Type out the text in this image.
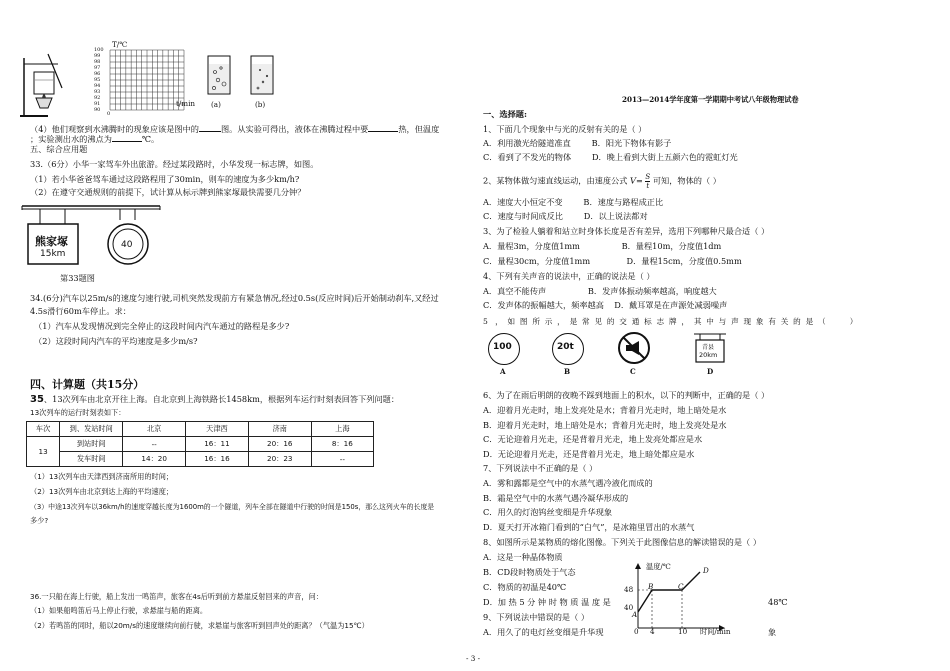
T/℃
t/min
100
99
98
97
96
95
94
93
92
91
90
0
(a)	(b)
（4）他们观察到水沸腾时的现象应该是图中的	图。从实验可得出，液体在沸腾过程中要	热，但温度
；实验测出水的沸点为	℃。
五、综合应用题
33.（6分）小华一家驾车外出旅游。经过某段路时，小华发现一标志牌，如图。
（1）若小华爸爸驾车通过这段路程用了30min，则车的速度为多少km/h?
（2）在遵守交通规则的前提下，试计算从标示牌到熊家塚最快需要几分钟？
熊家塚
15km
40
第33题图
34.(6分)汽车以25m/s的速度匀速行驶,司机突然发现前方有紧急情况,经过0.5s(反应时间)后开始制动刹车,又经过
4.5s滑行60m车停止。求：
（1）汽车从发现情况到完全停止的这段时间内汽车通过的路程是多少?
（2）这段时间内汽车的平均速度是多少m/s?
四、计算题（共15分）
35、13次列车由北京开往上海。自北京到上海铁路长1458km，根据列车运行时刻表回答下列问题：
13次列车的运行时刻表如下：
车次	到、发站时间	北京	天津西	济南	上海
13	到站时间	--	16：11	20：16	8：16
	发车时间	14：20	16：16	20：23	--
（1）13次列车由天津西到济南所用的时间；
（2）13次列车由北京到达上海的平均速度；
（3）中途13次列车以36km/h的速度穿越长度为1600m的一个隧道，列车全部在隧道中行驶的时间是150s，那么这列火车的长度是
多少?
36.一只船在海上行驶，船上发出一鸣笛声，旅客在4s后听到前方悬崖反射回来的声音，问：
（1）如果船鸣笛后马上停止行驶，求悬崖与船的距离。
（2）若鸣笛的同时，船以20m/s的速度继续向前行驶，求悬崖与旅客听到回声处的距离？（气温为15℃）
2013—2014学年度第一学期期中考试八年级物理试卷
一、选择题:
1、下面几个现象中与光的反射有关的是（ ）
A．利用激光给隧道准直        B．阳光下物体有影子
C．看到了不发光的物体        D．晚上看到大街上五颜六色的霓虹灯光
2、某物体做匀速直线运动，由速度公式 $V= \frac{S}{t}$ 可知，物体的（ ）
A．速度大小恒定不变        B．速度与路程成正比
C．速度与时间成反比        D．以上说法都对
3、为了检验人躺着和站立时身体长度是否有差异，选用下列哪种尺最合适（ ）
A．量程3m，分度值1mm                B．量程10m，分度值1dm
C．量程30cm，分度值1mm              D．量程15cm，分度值0.5mm
4、下列有关声音的说法中，正确的说法是（ ）
A．真空不能传声                B．发声体振动频率越高，响度越大
C．发声体的振幅越大，频率越高    D．戴耳罩是在声源处减弱噪声
5   ，  如  图  所  示  ，  是  常  见  的  交  通  标  志  牌  ，  其  中  与  声  现  象  有  关  的  是  （          ）
100	20t	青县
20km
A	B	C	D
6、为了在雨后明朗的夜晚不踩到地面上的积水，以下的判断中，正确的是（ ）
A．迎着月光走时，地上发亮处是水；背着月光走时，地上暗处是水
B．迎着月光走时，地上暗处是水；背着月光走时，地上发亮处是水
C．无论迎着月光走，还是背着月光走，地上发亮处都应是水
D．无论迎着月光走，还是背着月光走，地上暗处都应是水
7、下列说法中不正确的是（ ）
A．雾和露都是空气中的水蒸气遇冷液化而成的
B．霜是空气中的水蒸气遇冷凝华形成的
C．用久的灯泡钨丝变细是升华现象
D．夏天打开冰箱门看到的“白气”，是冰箱里冒出的水蒸气
8、如图所示是某物质的熔化图像。下列关于此图像信息的解读错误的是（ ）
A．这是一种晶体物质
B．CD段时物质处于气态
C．物质的初温是40℃
D．加 热 5 分 钟 时 物 质 温 度 是	48℃
9、下列说法中错误的是（ ）
A．用久了的电灯丝变细是升华现	象
温度/℃
时间/min
48
40
0 4	10
A
B	C
D
- 3 -
